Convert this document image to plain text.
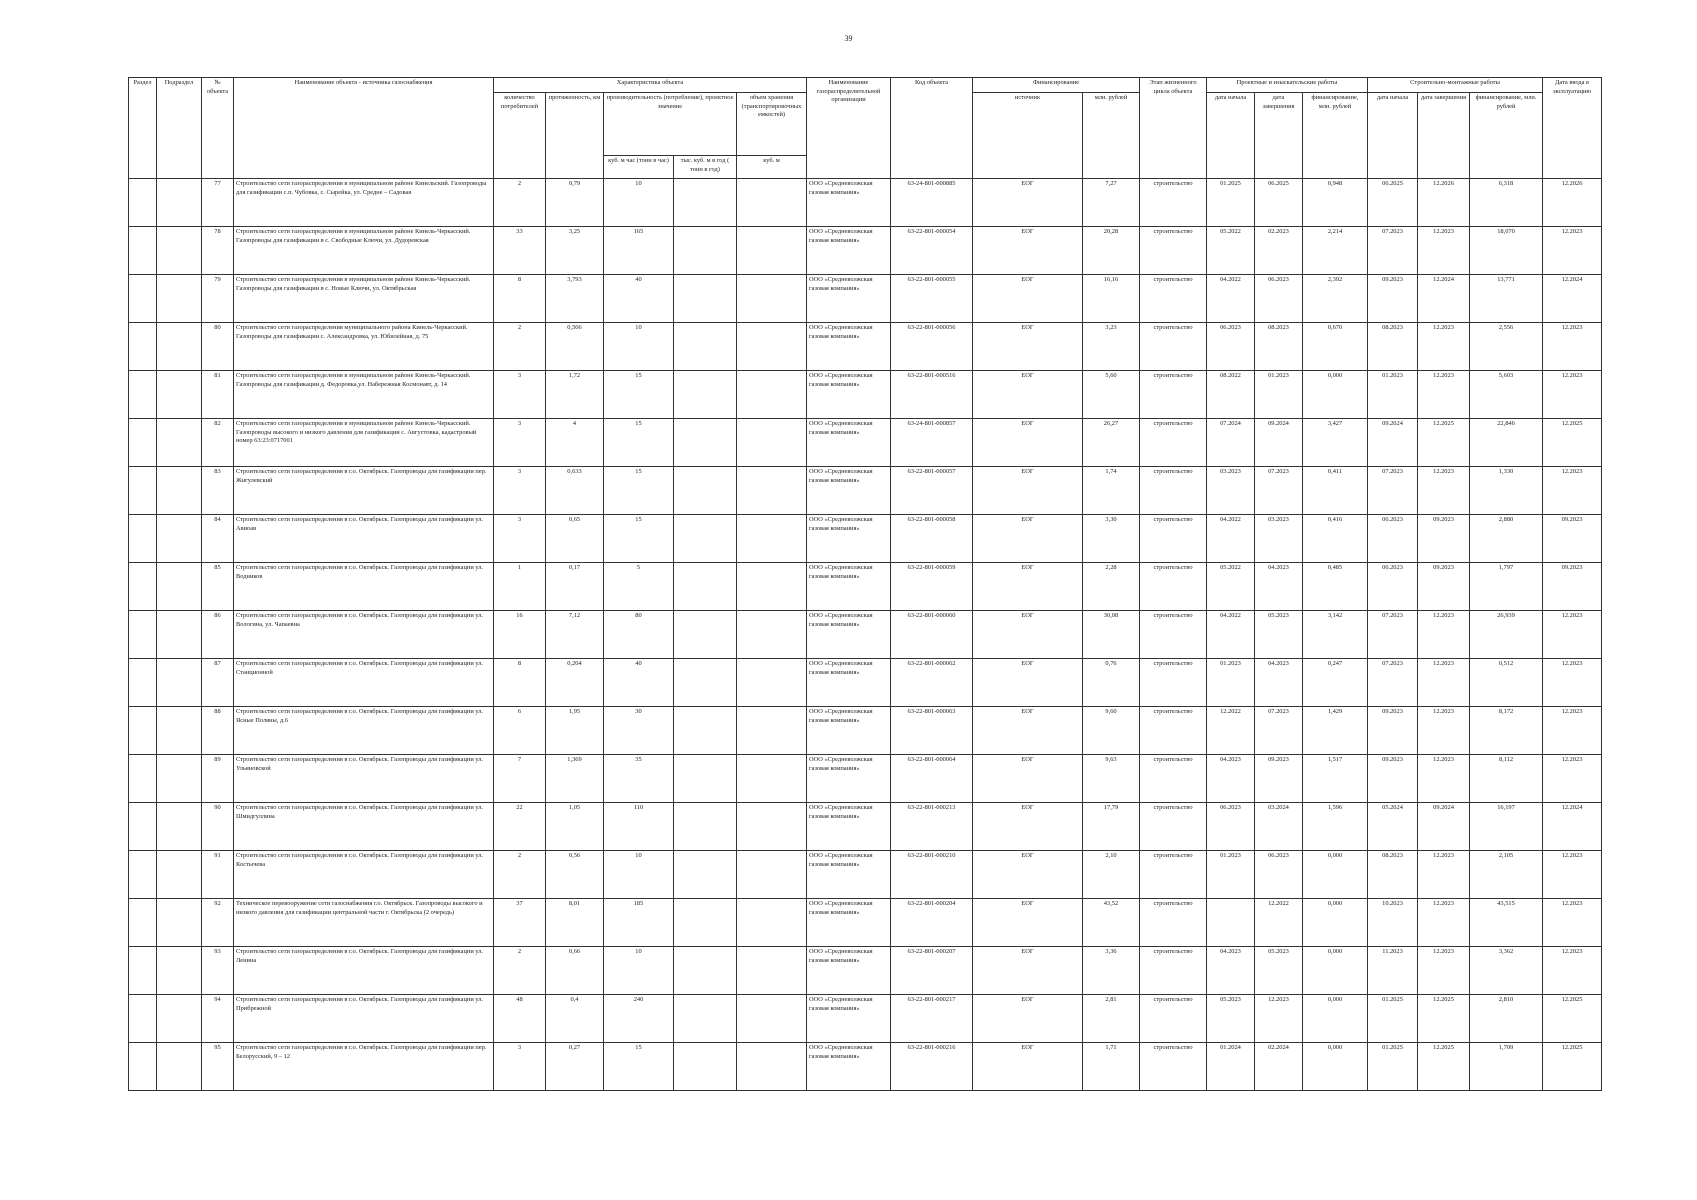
39
Раздел	Подраздел	№ объекта	Наименование объекта - источника газоснабжения	Характеристика объекта					Наименование газораспределительной организации	Код объекта	Финансирование		Этап жизненного цикла объекта	Проектные и изыскательские работы			Строительно-монтажные работы			Дата ввода в эксплуатацию
				количество потребителей	протяженность, км	производительность (потребление), проектное значение		объем хранения (транспортировочных емкостей)			источник	млн. рублей		дата начала	дата завершения	финансирование, млн. рублей	дата начала	дата завершения	финансирование, млн. рублей	
						куб. м час (тонн в час)	тыс. куб. м в год ( тонн в год)	куб. м												
		77	Строительство сети газораспределения в муниципальном районе Кинельский. Газопроводы для газификации с.п. Чубовка, с. Сырейка, ул. Средне – Садовая	2	0,79	10			ООО «Средневолжская газовая компания»	63-24-801-000885	ЕОГ	7,27	строительство	01.2025	06.2025	0,948	06.2025	12.2026	6,318	12.2026
		78	Строительство сети газораспределения в муниципальном районе Кинель-Черкасский. Газопроводы для газификации в с. Свободные Ключи, ул. Дудоревская	33	3,25	165			ООО «Средневолжская газовая компания»	63-22-801-000054	ЕОГ	20,28	строительство	05.2022	02.2023	2,214	07.2023	12.2023	18,070	12.2023
		79	Строительство сети газораспределения в муниципальном районе Кинель-Черкасский. Газопроводы для газификации в с. Новые Ключи, ул. Октябрьская	8	3,793	40			ООО «Средневолжская газовая компания»	63-22-801-000055	ЕОГ	16,16	строительство	04.2022	06.2023	2,392	09.2023	12.2024	13,771	12.2024
		80	Строительство сети газораспределения муниципального района Кинель-Черкасский. Газопроводы для газификации с. Александровка, ул. Юбилейная, д. 75	2	0,506	10			ООО «Средневолжская газовая компания»	63-22-801-000056	ЕОГ	3,23	строительство	06.2023	08.2023	0,670	08.2023	12.2023	2,556	12.2023
		81	Строительство сети газораспределения в муниципальном районе Кинель-Черкасский. Газопроводы для газификации д. Федоровка,ул. Набережная Космонавт, д. 14	3	1,72	15			ООО «Средневолжская газовая компания»	63-22-801-000516	ЕОГ	5,60	строительство	08.2022	01.2023	0,000	01.2023	12.2023	5,603	12.2023
		82	Строительство сети газораспределения в муниципальном районе Кинель-Черкасский. Газопроводы высокого и низкого давления для газификации с. Августовка, кадастровый номер 63:23:0717001	3	4	15			ООО «Средневолжская газовая компания»	63-24-801-000857	ЕОГ	26,27	строительство	07.2024	09.2024	3,427	09.2024	12.2025	22,846	12.2025
		83	Строительство сети газораспределения в г.о. Октябрьск. Газопроводы для газификации пер. Жигулевский	3	0,633	15			ООО «Средневолжская газовая компания»	63-22-801-000057	ЕОГ	1,74	строительство	03.2023	07.2023	0,411	07.2023	12.2023	1,330	12.2023
		84	Строительство сети газораспределения в г.о. Октябрьск. Газопроводы для газификации ул. Авиоав	3	0,65	15			ООО «Средневолжская газовая компания»	63-22-801-000058	ЕОГ	3,30	строительство	04.2022	03.2023	0,416	06.2023	09.2023	2,880	09.2023
		85	Строительство сети газораспределения в г.о. Октябрьск. Газопроводы для газификации ул. Водников	1	0,17	5			ООО «Средневолжская газовая компания»	63-22-801-000059	ЕОГ	2,28	строительство	05.2022	04.2023	0,485	06.2023	09.2023	1,797	09.2023
		86	Строительство сети газораспределения в г.о. Октябрьск. Газопроводы для газификации ул. Вологина, ул. Чапаевна	16	7,12	80			ООО «Средневолжская газовая компания»	63-22-801-000060	ЕОГ	30,08	строительство	04.2022	05.2023	3,142	07.2023	12.2023	26,939	12.2023
		87	Строительство сети газораспределения в г.о. Октябрьск. Газопроводы для газификации ул. Станционной	8	0,204	40			ООО «Средневолжская газовая компания»	63-22-801-000062	ЕОГ	0,76	строительство	01.2023	04.2023	0,247	07.2023	12.2023	0,512	12.2023
		88	Строительство сети газораспределения в г.о. Октябрьск. Газопроводы для газификации ул. Ясные Поляны, д.6	6	1,95	30			ООО «Средневолжская газовая компания»	63-22-801-000063	ЕОГ	9,60	строительство	12.2022	07.2023	1,429	09.2023	12.2023	8,172	12.2023
		89	Строительство сети газораспределения в г.о. Октябрьск. Газопроводы для газификации ул. Ульяновской	7	1,369	35			ООО «Средневолжская газовая компания»	63-22-801-000064	ЕОГ	9,63	строительство	04.2023	09.2023	1,517	09.2023	12.2023	8,112	12.2023
		90	Строительство сети газораспределения в г.о. Октябрьск. Газопроводы для газификации ул. Шмидгуллина	22	1,05	110			ООО «Средневолжская газовая компания»	63-22-801-000213	ЕОГ	17,79	строительство	06.2023	03.2024	1,596	05.2024	09.2024	16,197	12.2024
		91	Строительство сети газораспределения в г.о. Октябрьск. Газопроводы для газификации ул. Костычева	2	0,56	10			ООО «Средневолжская газовая компания»	63-22-801-000210	ЕОГ	2,10	строительство	01.2023	06.2023	0,000	08.2023	12.2023	2,105	12.2023
		92	Техническое перевооружение сети газоснабжения г.о. Октябрьск. Газопроводы высокого и низкого давления для газификации центральной части г. Октябрьска (2 очередь)	37	8,01	185			ООО «Средневолжская газовая компания»	63-22-801-000204	ЕОГ	43,52	строительство		12.2022	0,000	10.2023	12.2023	43,515	12.2023
		93	Строительство сети газораспределения в г.о. Октябрьск. Газопроводы для газификации ул. Ленина	2	0,66	10			ООО «Средневолжская газовая компания»	63-22-801-000207	ЕОГ	3,36	строительство	04.2023	05.2023	0,000	11.2023	12.2023	3,362	12.2023
		94	Строительство сети газораспределения в г.о. Октябрьск. Газопроводы для газификации ул. Прибрежной	48	0,4	240			ООО «Средневолжская газовая компания»	63-22-801-000217	ЕОГ	2,81	строительство	05.2023	12.2023	0,000	01.2025	12.2025	2,810	12.2025
		95	Строительство сети газораспределения в г.о. Октябрьск. Газопроводы для газификации пер. Белорусский, 9 – 12	3	0,27	15			ООО «Средневолжская газовая компания»	63-22-801-000216	ЕОГ	1,71	строительство	01.2024	02.2024	0,000	01.2025	12.2025	1,709	12.2025
